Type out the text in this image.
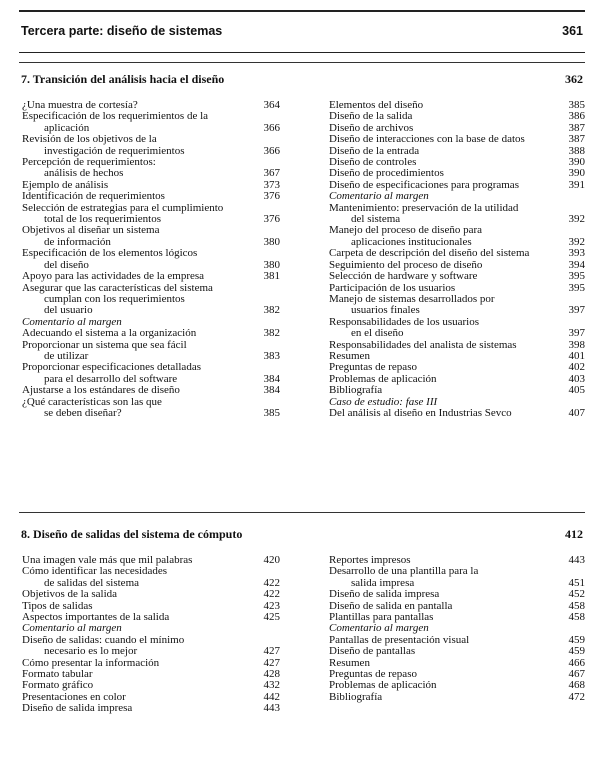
Tercera parte: diseño de sistemas	361
7. Transición del análisis hacia el diseño	362
¿Una muestra de cortesía?	364
Especificación de los requerimientos de la
aplicación	366
Revisión de los objetivos de la
investigación de requerimientos	366
Percepción de requerimientos:
análisis de hechos	367
Ejemplo de análisis	373
Identificación de requerimientos	376
Selección de estrategias para el cumplimiento
total de los requerimientos	376
Objetivos al diseñar un sistema
de información	380
Especificación de los elementos lógicos
del diseño	380
Apoyo para las actividades de la empresa	381
Asegurar que las características del sistema
cumplan con los requerimientos
del usuario	382
Comentario al margen
Adecuando el sistema a la organización	382
Proporcionar un sistema que sea fácil
de utilizar	383
Proporcionar especificaciones detalladas
para el desarrollo del software	384
Ajustarse a los estándares de diseño	384
¿Qué características son las que
se deben diseñar?	385
Elementos del diseño	385
Diseño de la salida	386
Diseño de archivos	387
Diseño de interacciones con la base de datos	387
Diseño de la entrada	388
Diseño de controles	390
Diseño de procedimientos	390
Diseño de especificaciones para programas	391
Comentario al margen
Mantenimiento: preservación de la utilidad
del sistema	392
Manejo del proceso de diseño para
aplicaciones institucionales	392
Carpeta de descripción del diseño del sistema	393
Seguimiento del proceso de diseño	394
Selección de hardware y software	395
Participación de los usuarios	395
Manejo de sistemas desarrollados por
usuarios finales	397
Responsabilidades de los usuarios
en el diseño	397
Responsabilidades del analista de sistemas	398
Resumen	401
Preguntas de repaso	402
Problemas de aplicación	403
Bibliografía	405
Caso de estudio: fase III
Del análisis al diseño en Industrias Sevco	407
8. Diseño de salidas del sistema de cómputo	412
Una imagen vale más que mil palabras	420
Cómo identificar las necesidades
de salidas del sistema	422
Objetivos de la salida	422
Tipos de salidas	423
Aspectos importantes de la salida	425
Comentario al margen
Diseño de salidas: cuando el mínimo
necesario es lo mejor	427
Cómo presentar la información	427
Formato tabular	428
Formato gráfico	432
Presentaciones en color	442
Diseño de salida impresa	443
Reportes impresos	443
Desarrollo de una plantilla para la
salida impresa	451
Diseño de salida impresa	452
Diseño de salida en pantalla	458
Plantillas para pantallas	458
Comentario al margen
Pantallas de presentación visual	459
Diseño de pantallas	459
Resumen	466
Preguntas de repaso	467
Problemas de aplicación	468
Bibliografía	472
